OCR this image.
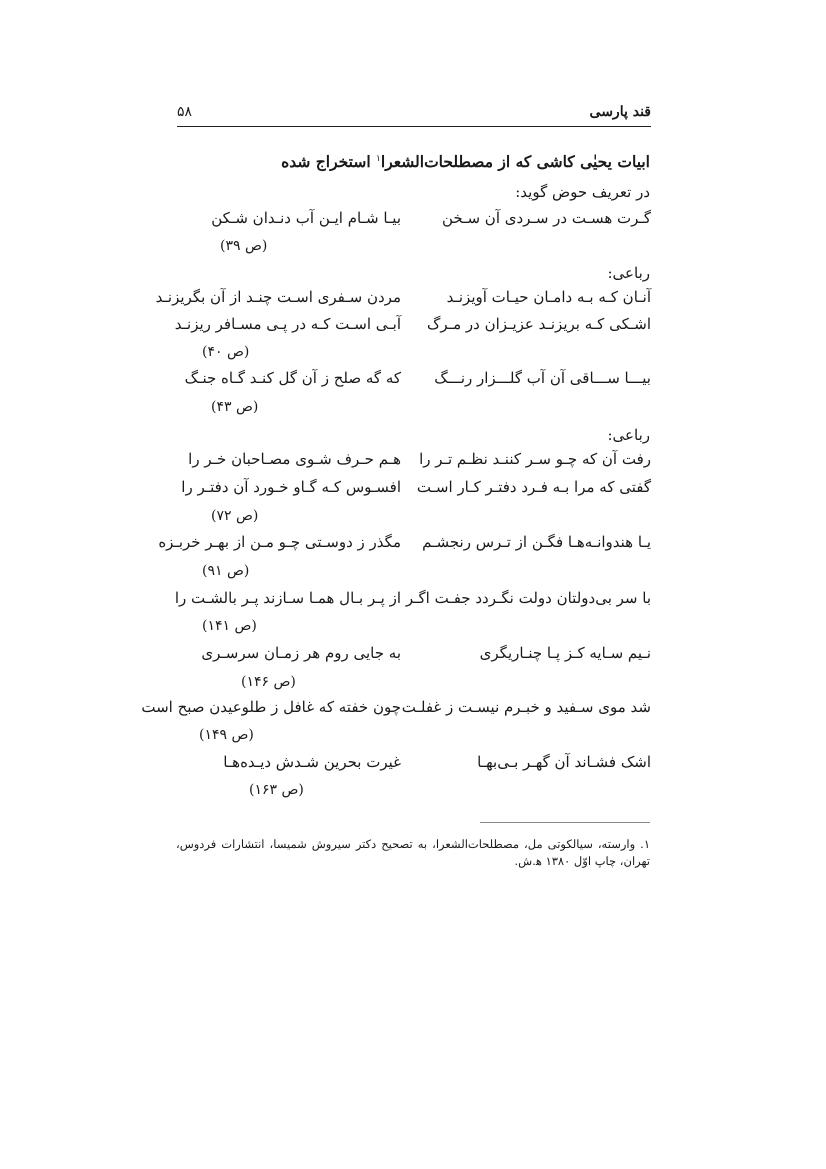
قند پارسی
۵۸
ابیات یحیٰی کاشی که از مصطلحات‌الشعرا$^۱$ استخراج شده
در تعریف حوض گوید:
گـرت هسـت در سـردی آن سـخن
بیـا شـام ایـن آب دنـدان شـکن
(ص ۳۹)
رباعی:
آنـان کـه بـه دامـان حیـات آویزنـد
مردن سـفری اسـت چنـد از آن بگریزنـد
اشـکی کـه بریزنـد عزیـزان در مـرگ
آبـی اسـت کـه در پـی مسـافر ریزنـد
(ص ۴۰)
بیـــا ســـاقی آن آب گلـــزار رنـــگ
که گه صلح ز آن گل کنـد گـاه جنـگ
(ص ۴۳)
رباعی:
رفت آن که چـو سـر کننـد نظـم تـر را
هـم حـرف شـوی مصـاحبان خـر را
گفتی که مرا بـه فـرد دفتـر کـار اسـت
افسـوس کـه گـاو خـورد آن دفتـر را
(ص ۷۲)
یـا هندوانـه‌هـا فگـن از تـرس رنجشـم
مگذر ز دوسـتی چـو مـن از بهـر خربـزه
(ص ۹۱)
با سر بی‌دولتان دولت نگـردد جفـت اگـر
از پـر بـال همـا سـازند پـر بالشـت را
(ص ۱۴۱)
نـیم سـایه کـز پـا چنـاریگری
به جایی روم هر زمـان سرسـری
(ص ۱۴۶)
شد موی سـفید و خبـرم نیسـت ز غفلـت
چون خفته که غافل ز طلوعیدن صبح است
(ص ۱۴۹)
اشک فشـاند آن گهـر بـی‌بهـا
غیرت بحرین شـدش دیـده‌هـا
(ص ۱۶۳)
۱. وارسته، سیالکوتی مل، مصطلحات‌الشعرا، به تصحیح دکتر سیروش شمیسا، انتشارات فردوس، تهران، چاپ اوّل ۱۳۸۰ ه‍.ش.
